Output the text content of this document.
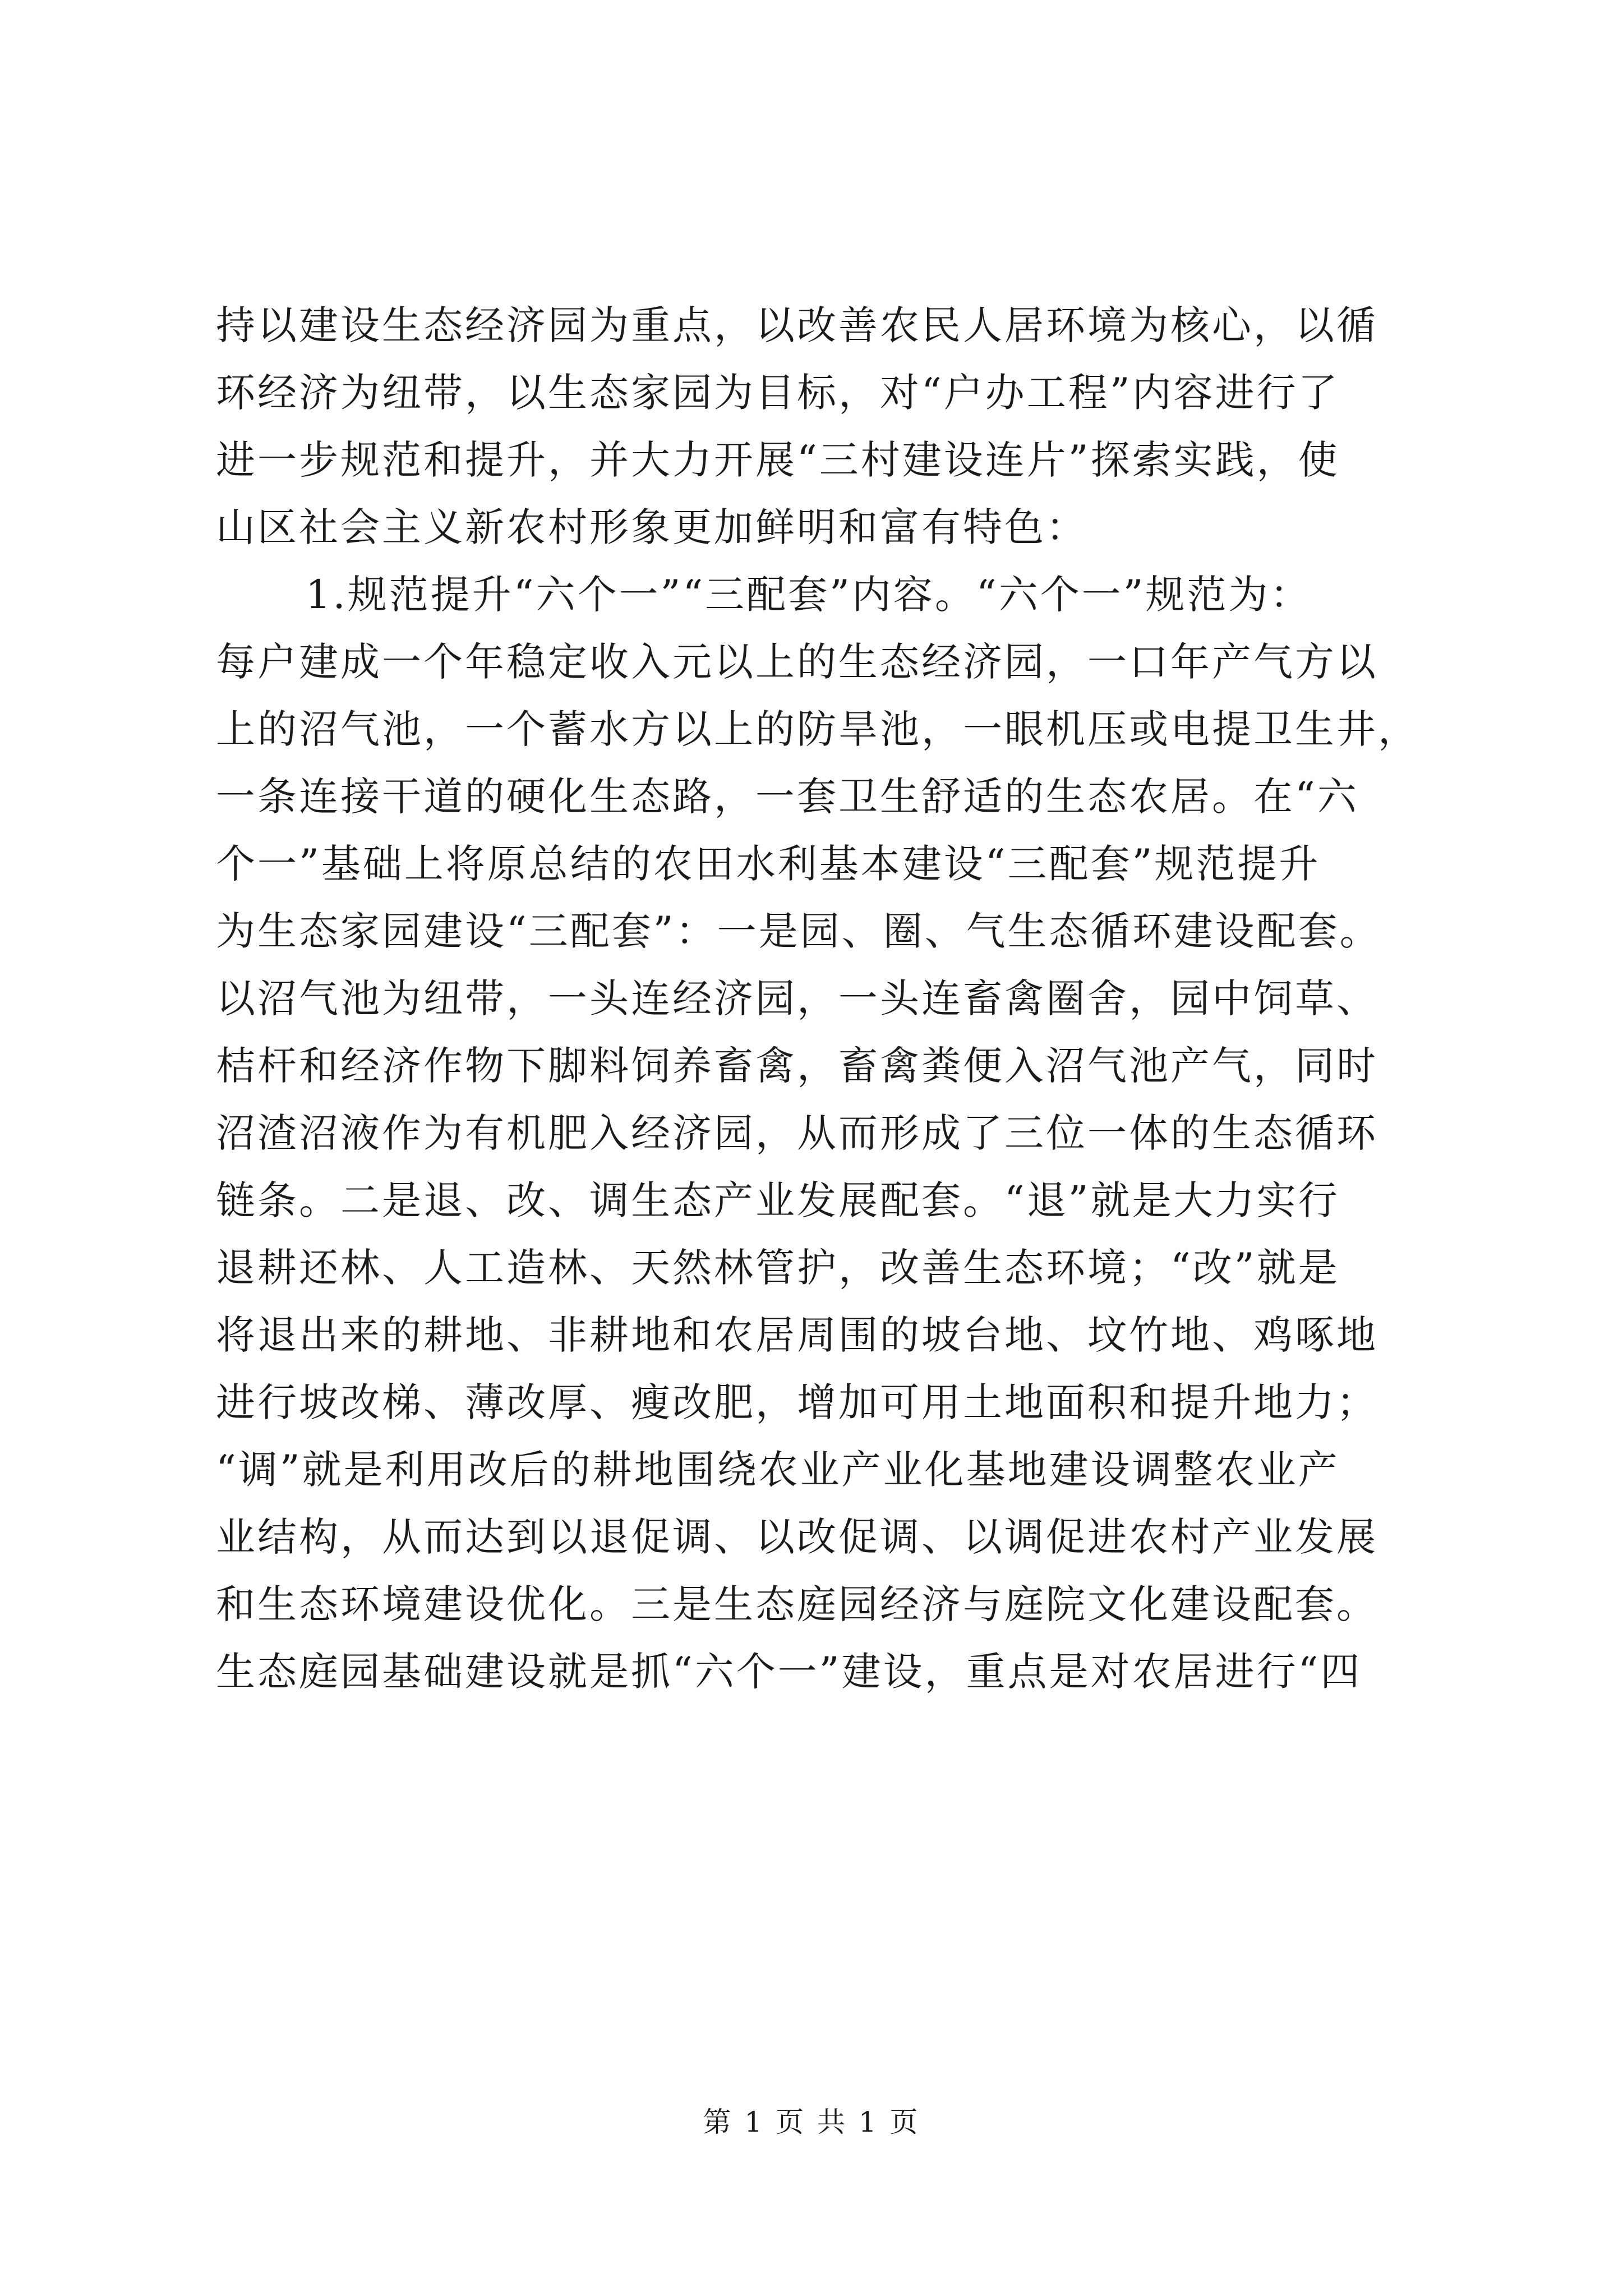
持以建设生态经济园为重点，以改善农民人居环境为核心，以循
环经济为纽带，以生态家园为目标，对“户办工程”内容进行了
进一步规范和提升，并大力开展“三村建设连片”探索实践，使
山区社会主义新农村形象更加鲜明和富有特色：
1.规范提升“六个一”“三配套”内容。“六个一”规范为：
每户建成一个年稳定收入元以上的生态经济园，一口年产气方以
上的沼气池，一个蓄水方以上的防旱池，一眼机压或电提卫生井，
一条连接干道的硬化生态路，一套卫生舒适的生态农居。在“六
个一”基础上将原总结的农田水利基本建设“三配套”规范提升
为生态家园建设“三配套”：一是园、圈、气生态循环建设配套。
以沼气池为纽带，一头连经济园，一头连畜禽圈舍，园中饲草、
桔杆和经济作物下脚料饲养畜禽，畜禽粪便入沼气池产气，同时
沼渣沼液作为有机肥入经济园，从而形成了三位一体的生态循环
链条。二是退、改、调生态产业发展配套。“退”就是大力实行
退耕还林、人工造林、天然林管护，改善生态环境；“改”就是
将退出来的耕地、非耕地和农居周围的坡台地、坟竹地、鸡啄地
进行坡改梯、薄改厚、瘦改肥，增加可用土地面积和提升地力；
“调”就是利用改后的耕地围绕农业产业化基地建设调整农业产
业结构，从而达到以退促调、以改促调、以调促进农村产业发展
和生态环境建设优化。三是生态庭园经济与庭院文化建设配套。
生态庭园基础建设就是抓“六个一”建设，重点是对农居进行“四
第 1 页 共 1 页
